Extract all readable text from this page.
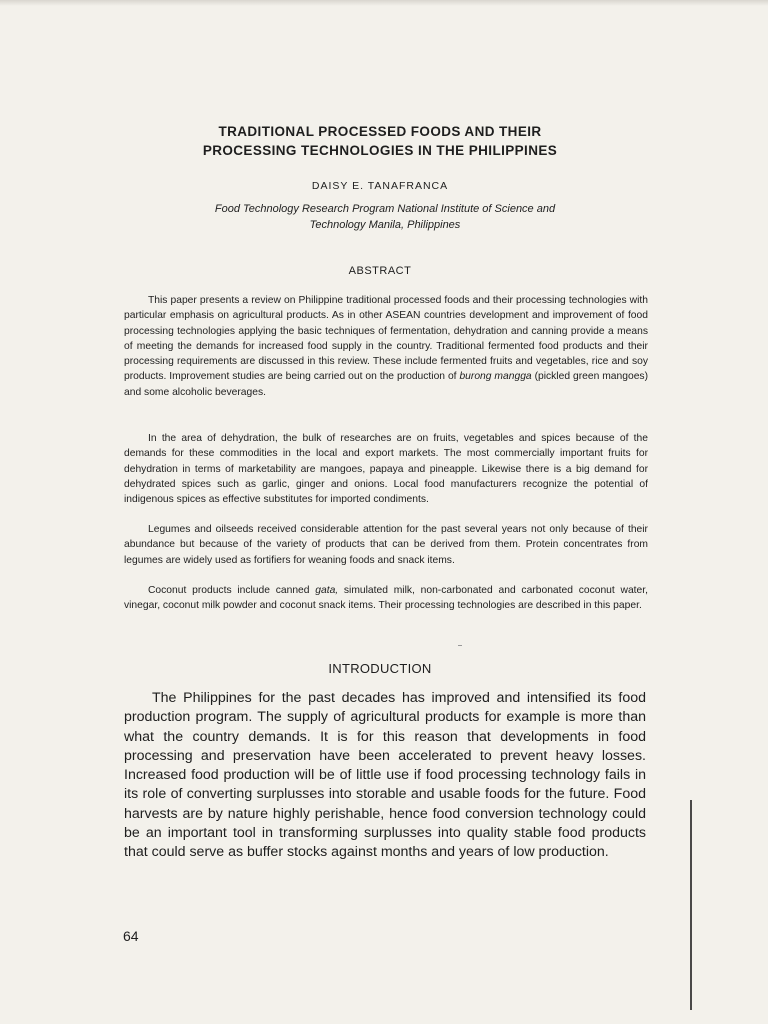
TRADITIONAL PROCESSED FOODS AND THEIR
PROCESSING TECHNOLOGIES IN THE PHILIPPINES
DAISY E. TANAFRANCA
Food Technology Research Program National Institute of Science and
Technology Manila, Philippines
ABSTRACT

This paper presents a review on Philippine traditional processed foods and their processing technologies with particular emphasis on agricultural products. As in other ASEAN countries development and improvement of food processing technologies applying the basic techniques of fermentation, dehydration and canning provide a means of meeting the demands for increased food supply in the country. Traditional fermented food products and their processing requirements are discussed in this review. These include fermented fruits and vegetables, rice and soy products. Improvement studies are being carried out on the production of burong mangga (pickled green mangoes) and some alcoholic beverages.

In the area of dehydration, the bulk of researches are on fruits, vegetables and spices because of the demands for these commodities in the local and export markets. The most commercially important fruits for dehydration in terms of marketability are mangoes, papaya and pineapple. Likewise there is a big demand for dehydrated spices such as garlic, ginger and onions. Local food manufacturers recognize the potential of indigenous spices as effective substitutes for imported condiments.

Legumes and oilseeds received considerable attention for the past several years not only because of their abundance but because of the variety of products that can be derived from them. Protein concentrates from legumes are widely used as fortifiers for weaning foods and snack items.

Coconut products include canned gata, simulated milk, non-carbonated and carbonated coconut water, vinegar, coconut milk powder and coconut snack items. Their processing technologies are described in this paper.

INTRODUCTION

The Philippines for the past decades has improved and intensified its food production program. The supply of agricultural products for example is more than what the country demands. It is for this reason that developments in food processing and preservation have been accelerated to prevent heavy losses. Increased food production will be of little use if food processing technology fails in its role of converting surplusses into storable and usable foods for the future. Food harvests are by nature highly perishable, hence food conversion technology could be an important tool in transforming surplusses into quality stable food products that could serve as buffer stocks against months and years of low production.

64
